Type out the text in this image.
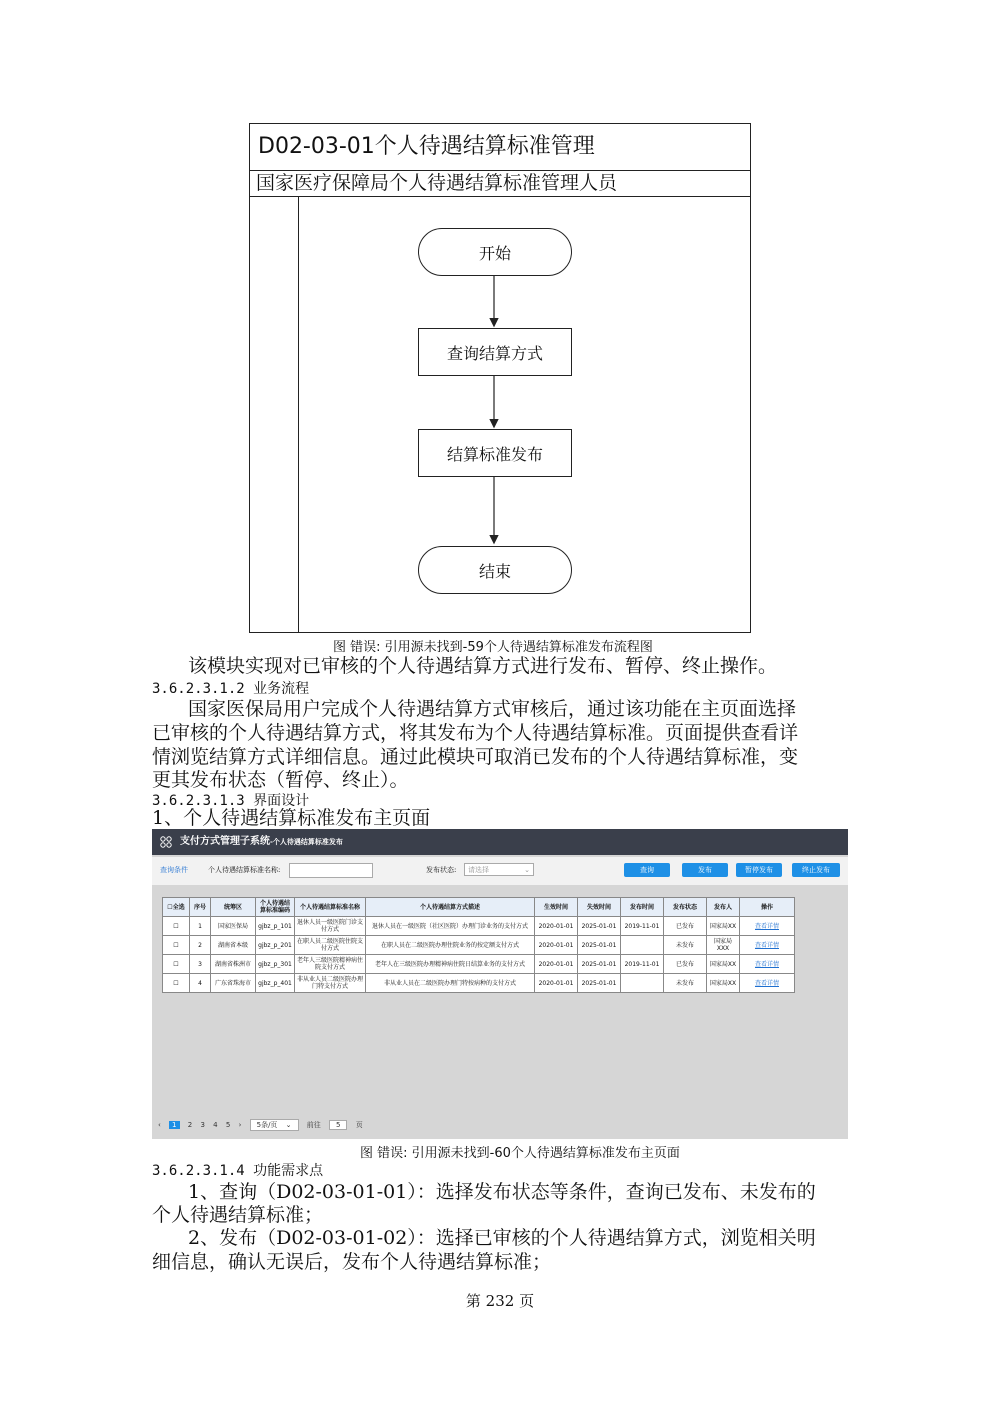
D02-03-01个人待遇结算标准管理
国家医疗保障局个人待遇结算标准管理人员
开始
查询结算方式
结算标准发布
结束
图 错误: 引用源未找到-59个人待遇结算标准发布流程图
该模块实现对已审核的个人待遇结算方式进行发布、暂停、终止操作。
3.6.2.3.1.2 业务流程
国家医保局用户完成个人待遇结算方式审核后，通过该功能在主页面选择
已审核的个人待遇结算方式，将其发布为个人待遇结算标准。页面提供查看详
情浏览结算方式详细信息。通过此模块可取消已发布的个人待遇结算标准，变
更其发布状态（暂停、终止）。
3.6.2.3.1.3 界面设计
1、个人待遇结算标准发布主页面
支付方式管理子系统-个人待遇结算标准发布
查询条件	个人待遇结算标准名称:	发布状态:	请选择	⌄	查询	发布	暂停发布	终止发布
☐全选	序号	统筹区	个人待遇结算标准编码	个人待遇结算标准名称	个人待遇结算方式描述	生效时间	失效时间	发布时间	发布状态	发布人	操作
☐	1	国家医保局	gjbz_p_101	退休人员一级医院门诊支付方式	退休人员在一级医院（社区医院）办理门诊业务的支付方式	2020-01-01	2025-01-01	2019-11-01	已发布	国家局XX	查看详情
☐	2	湖南省本级	gjbz_p_201	在职人员二级医院住院支付方式	在职人员在二级医院办理住院业务的按定额支付方式	2020-01-01	2025-01-01		未发布	国家局XXX	查看详情
☐	3	湖南省株洲市	gjbz_p_301	老年人三级医院精神病住院支付方式	老年人在三级医院办理精神病住院日结算业务的支付方式	2020-01-01	2025-01-01	2019-11-01	已发布	国家局XX	查看详情
☐	4	广东省珠海市	gjbz_p_401	非从业人员二级医院办理门特支付方式	非从业人员在二级医院办理门特按病种的支付方式	2020-01-01	2025-01-01		未发布	国家局XX	查看详情
‹ 1 2 3 4 5 › 5条/页 ⌄ 前往 5 页
图 错误: 引用源未找到-60个人待遇结算标准发布主页面
3.6.2.3.1.4 功能需求点
1、查询（D02-03-01-01）：选择发布状态等条件，查询已发布、未发布的
个人待遇结算标准；
2、发布（D02-03-01-02）：选择已审核的个人待遇结算方式，浏览相关明
细信息，确认无误后，发布个人待遇结算标准；
第 232 页
